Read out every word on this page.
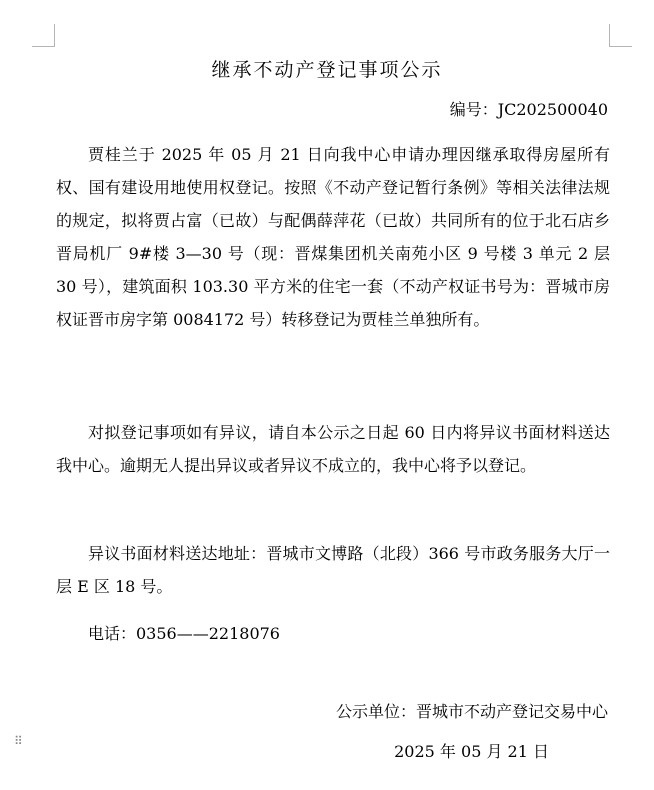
继承不动产登记事项公示
编号：JC202500040

贾桂兰于 2025 年 05 月 21 日向我中心申请办理因继承取得房屋所有权、国有建设用地使用权登记。按照《不动产登记暂行条例》等相关法律法规的规定，拟将贾占富（已故）与配偶薛萍花（已故）共同所有的位于北石店乡晋局机厂 9#楼 3—30 号（现：晋煤集团机关南苑小区 9 号楼 3 单元 2 层 30 号），建筑面积 103.30 平方米的住宅一套（不动产权证书号为：晋城市房权证晋市房字第 0084172 号）转移登记为贾桂兰单独所有。

对拟登记事项如有异议，请自本公示之日起 60 日内将异议书面材料送达我中心。逾期无人提出异议或者异议不成立的，我中心将予以登记。

异议书面材料送达地址：晋城市文博路（北段）366 号市政务服务大厅一层 E 区 18 号。

电话：0356——2218076

公示单位：晋城市不动产登记交易中心
2025 年 05 月 21 日
⠿
